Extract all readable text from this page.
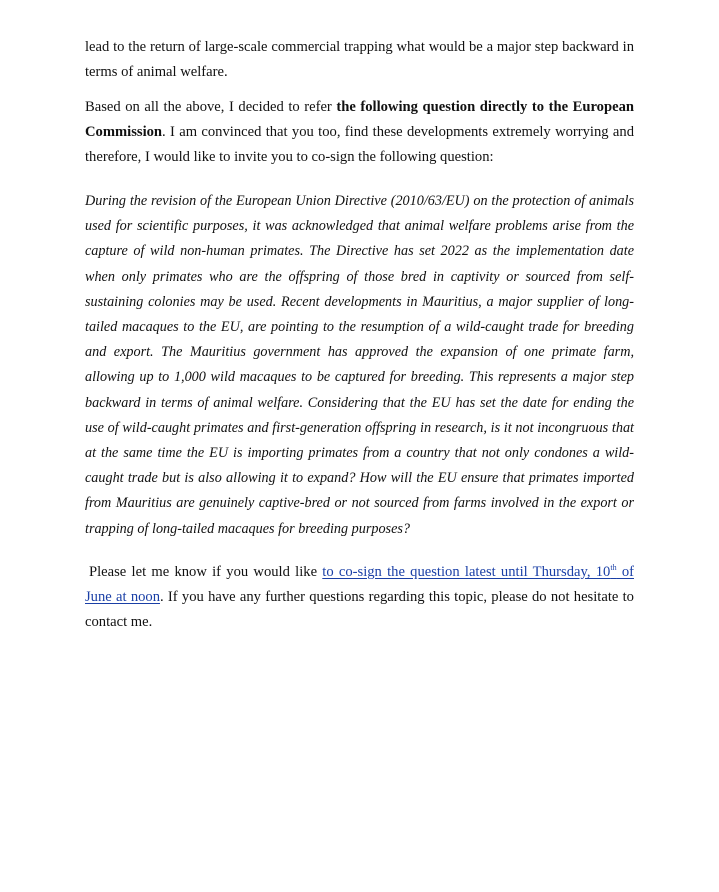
lead to the return of large-scale commercial trapping what would be a major step backward in terms of animal welfare.

Based on all the above, I decided to refer the following question directly to the European Commission. I am convinced that you too, find these developments extremely worrying and therefore, I would like to invite you to co-sign the following question:

During the revision of the European Union Directive (2010/63/EU) on the protection of animals used for scientific purposes, it was acknowledged that animal welfare problems arise from the capture of wild non-human primates. The Directive has set 2022 as the implementation date when only primates who are the offspring of those bred in captivity or sourced from self-sustaining colonies may be used. Recent developments in Mauritius, a major supplier of long-tailed macaques to the EU, are pointing to the resumption of a wild-caught trade for breeding and export. The Mauritius government has approved the expansion of one primate farm, allowing up to 1,000 wild macaques to be captured for breeding. This represents a major step backward in terms of animal welfare. Considering that the EU has set the date for ending the use of wild-caught primates and first-generation offspring in research, is it not incongruous that at the same time the EU is importing primates from a country that not only condones a wild-caught trade but is also allowing it to expand? How will the EU ensure that primates imported from Mauritius are genuinely captive-bred or not sourced from farms involved in the export or trapping of long-tailed macaques for breeding purposes?

Please let me know if you would like to co-sign the question latest until Thursday, 10th of June at noon. If you have any further questions regarding this topic, please do not hesitate to contact me.
